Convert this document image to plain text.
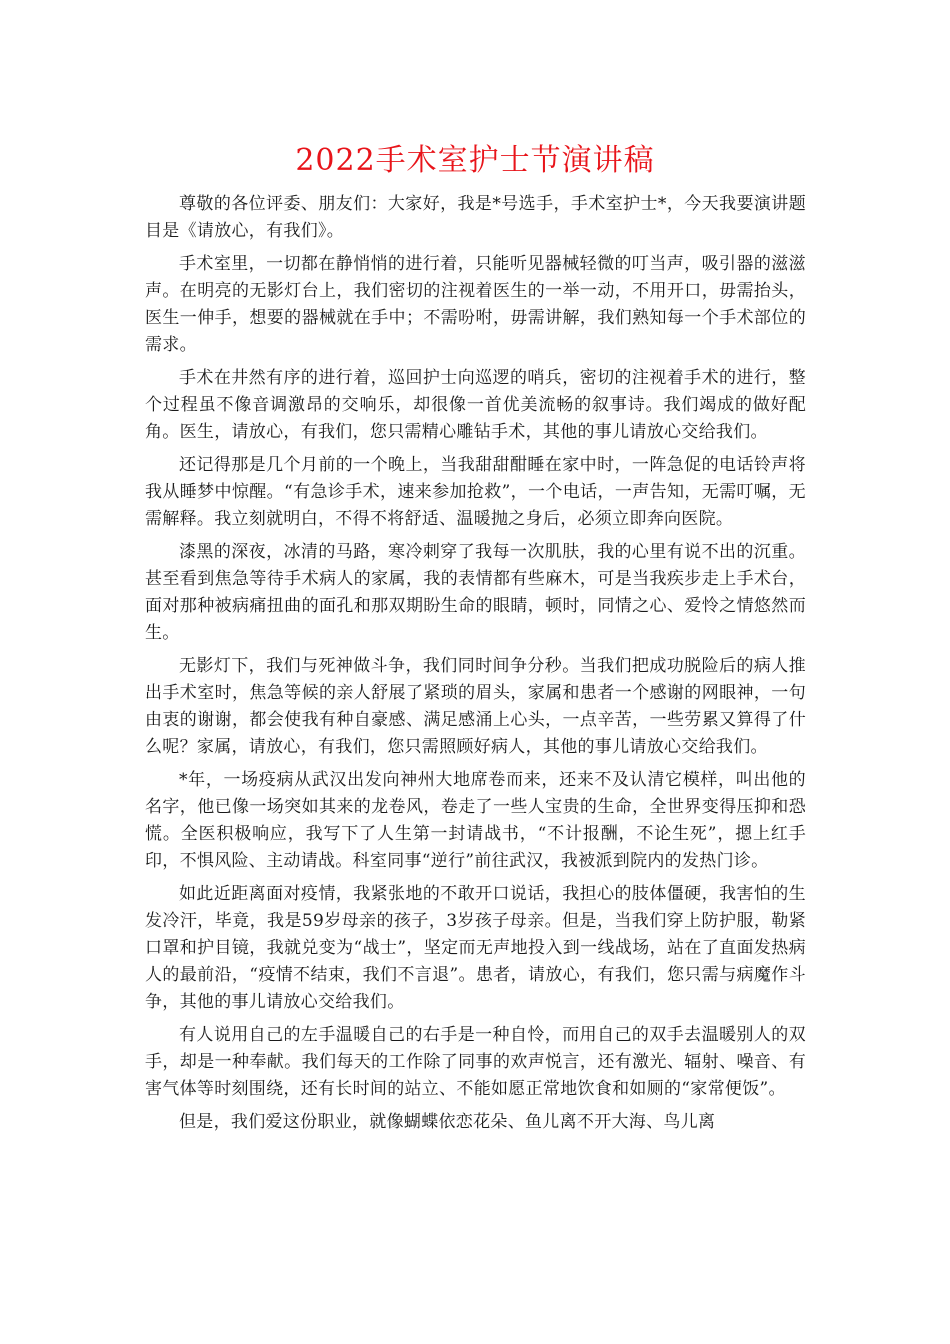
2022手术室护士节演讲稿

尊敬的各位评委、朋友们：大家好，我是*号选手，手术室护士*，今天我要演讲题目是《请放心，有我们》。

手术室里，一切都在静悄悄的进行着，只能听见器械轻微的叮当声，吸引器的滋滋声。在明亮的无影灯台上，我们密切的注视着医生的一举一动，不用开口，毋需抬头，医生一伸手，想要的器械就在手中；不需吩咐，毋需讲解，我们熟知每一个手术部位的需求。

手术在井然有序的进行着，巡回护士向巡逻的哨兵，密切的注视着手术的进行，整个过程虽不像音调激昂的交响乐，却很像一首优美流畅的叙事诗。我们竭成的做好配角。医生，请放心，有我们，您只需精心雕钻手术，其他的事儿请放心交给我们。

还记得那是几个月前的一个晚上，当我甜甜酣睡在家中时，一阵急促的电话铃声将我从睡梦中惊醒。“有急诊手术，速来参加抢救”，一个电话，一声告知，无需叮嘱，无需解释。我立刻就明白，不得不将舒适、温暖抛之身后，必须立即奔向医院。

漆黑的深夜，冰清的马路，寒冷刺穿了我每一次肌肤，我的心里有说不出的沉重。甚至看到焦急等待手术病人的家属，我的表情都有些麻木，可是当我疾步走上手术台，面对那种被病痛扭曲的面孔和那双期盼生命的眼睛，顿时，同情之心、爱怜之情悠然而生。

无影灯下，我们与死神做斗争，我们同时间争分秒。当我们把成功脱险后的病人推出手术室时，焦急等候的亲人舒展了紧琐的眉头，家属和患者一个感谢的网眼神，一句由衷的谢谢，都会使我有种自豪感、满足感涌上心头，一点辛苦，一些劳累又算得了什么呢？家属，请放心，有我们，您只需照顾好病人，其他的事儿请放心交给我们。

*年，一场疫病从武汉出发向神州大地席卷而来，还来不及认清它模样，叫出他的名字，他已像一场突如其来的龙卷风，卷走了一些人宝贵的生命，全世界变得压抑和恐慌。全医积极响应，我写下了人生第一封请战书，“不计报酬，不论生死”，摁上红手印，不惧风险、主动请战。科室同事“逆行”前往武汉，我被派到院内的发热门诊。

如此近距离面对疫情，我紧张地的不敢开口说话，我担心的肢体僵硬，我害怕的生发冷汗，毕竟，我是59岁母亲的孩子，3岁孩子母亲。但是，当我们穿上防护服，勒紧口罩和护目镜，我就兑变为“战士”，坚定而无声地投入到一线战场，站在了直面发热病人的最前沿，“疫情不结束，我们不言退”。患者，请放心，有我们，您只需与病魔作斗争，其他的事儿请放心交给我们。

有人说用自己的左手温暖自己的右手是一种自怜，而用自己的双手去温暖别人的双手，却是一种奉献。我们每天的工作除了同事的欢声悦言，还有激光、辐射、噪音、有害气体等时刻围绕，还有长时间的站立、不能如愿正常地饮食和如厕的“家常便饭”。

但是，我们爱这份职业，就像蝴蝶依恋花朵、鱼儿离不开大海、鸟儿离
